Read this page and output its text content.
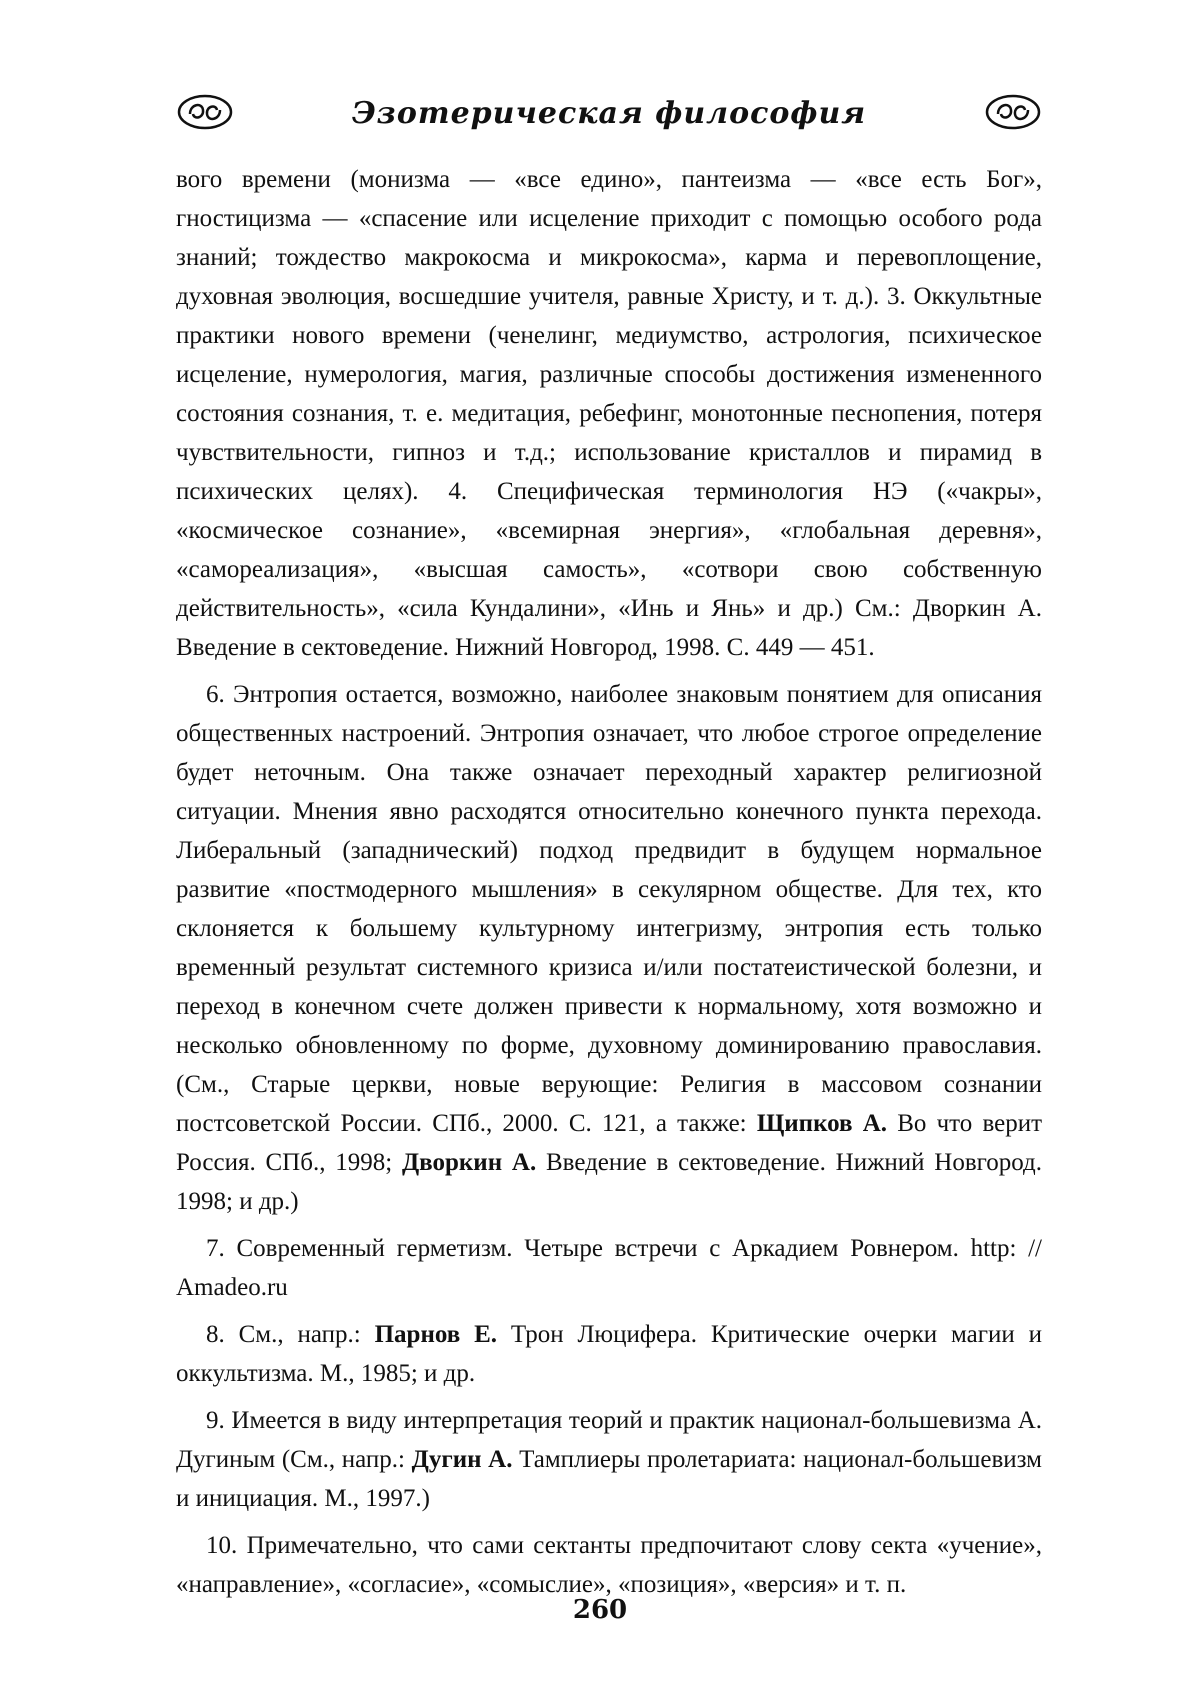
Эзотерическая философия

вого времени (монизма — «все едино», пантеизма — «все есть Бог», гностицизма — «спасение или исцеление приходит с помощью особого рода знаний; тождество макрокосма и микрокосма», карма и перевоплощение, духовная эволюция, восшедшие учителя, равные Христу, и т. д.). 3. Оккультные практики нового времени (ченелинг, медиумство, астрология, психическое исцеление, нумерология, магия, различные способы достижения измененного состояния сознания, т. е. медитация, ребефинг, монотонные песнопения, потеря чувствительности, гипноз и т.д.; использование кристаллов и пирамид в психических целях). 4. Специфическая терминология НЭ («чакры», «космическое сознание», «всемирная энергия», «глобальная деревня», «самореализация», «высшая самость», «сотвори свою собственную действительность», «сила Кундалини», «Инь и Янь» и др.) См.: Дворкин А. Введение в сектоведение. Нижний Новгород, 1998. С. 449 — 451.

6. Энтропия остается, возможно, наиболее знаковым понятием для описания общественных настроений. Энтропия означает, что любое строгое определение будет неточным. Она также означает переходный характер религиозной ситуации. Мнения явно расходятся относительно конечного пункта перехода. Либеральный (западнический) подход предвидит в будущем нормальное развитие «постмодерного мышления» в секулярном обществе. Для тех, кто склоняется к большему культурному интегризму, энтропия есть только временный результат системного кризиса и/или постатеистической болезни, и переход в конечном счете должен привести к нормальному, хотя возможно и несколько обновленному по форме, духовному доминированию православия. (См., Старые церкви, новые верующие: Религия в массовом сознании постсоветской России. СПб., 2000. С. 121, а также: Щипков А. Во что верит Россия. СПб., 1998; Дворкин А. Введение в сектоведение. Нижний Новгород. 1998; и др.)

7. Современный герметизм. Четыре встречи с Аркадием Ровнером. http: // Amadeo.ru

8. См., напр.: Парнов Е. Трон Люцифера. Критические очерки магии и оккультизма. М., 1985; и др.

9. Имеется в виду интерпретация теорий и практик национал-большевизма А. Дугиным (См., напр.: Дугин А. Тамплиеры пролетариата: национал-большевизм и инициация. М., 1997.)

10. Примечательно, что сами сектанты предпочитают слову секта «учение», «направление», «согласие», «сомыслие», «позиция», «версия» и т. п.

260
